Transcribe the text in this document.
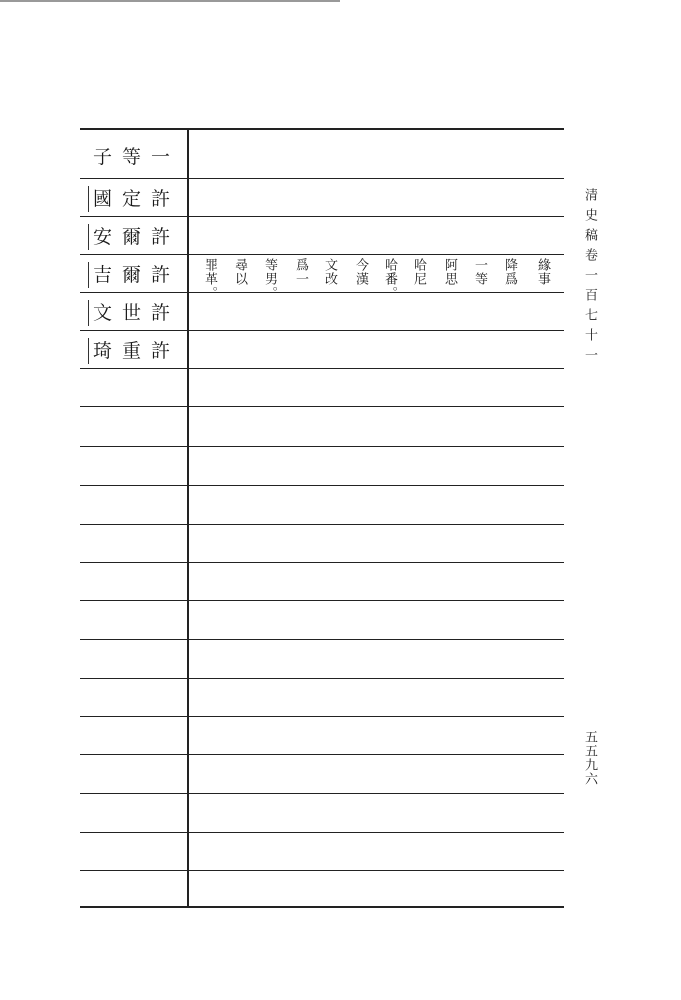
子等一
國定許
安爾許
吉爾許
文世許
琦重許
緣事
降爲
一等
阿思
哈尼
哈番。
今漢
文改
爲一
等男。
尋以
罪革。	清史稿卷一百七十一
五五九六
